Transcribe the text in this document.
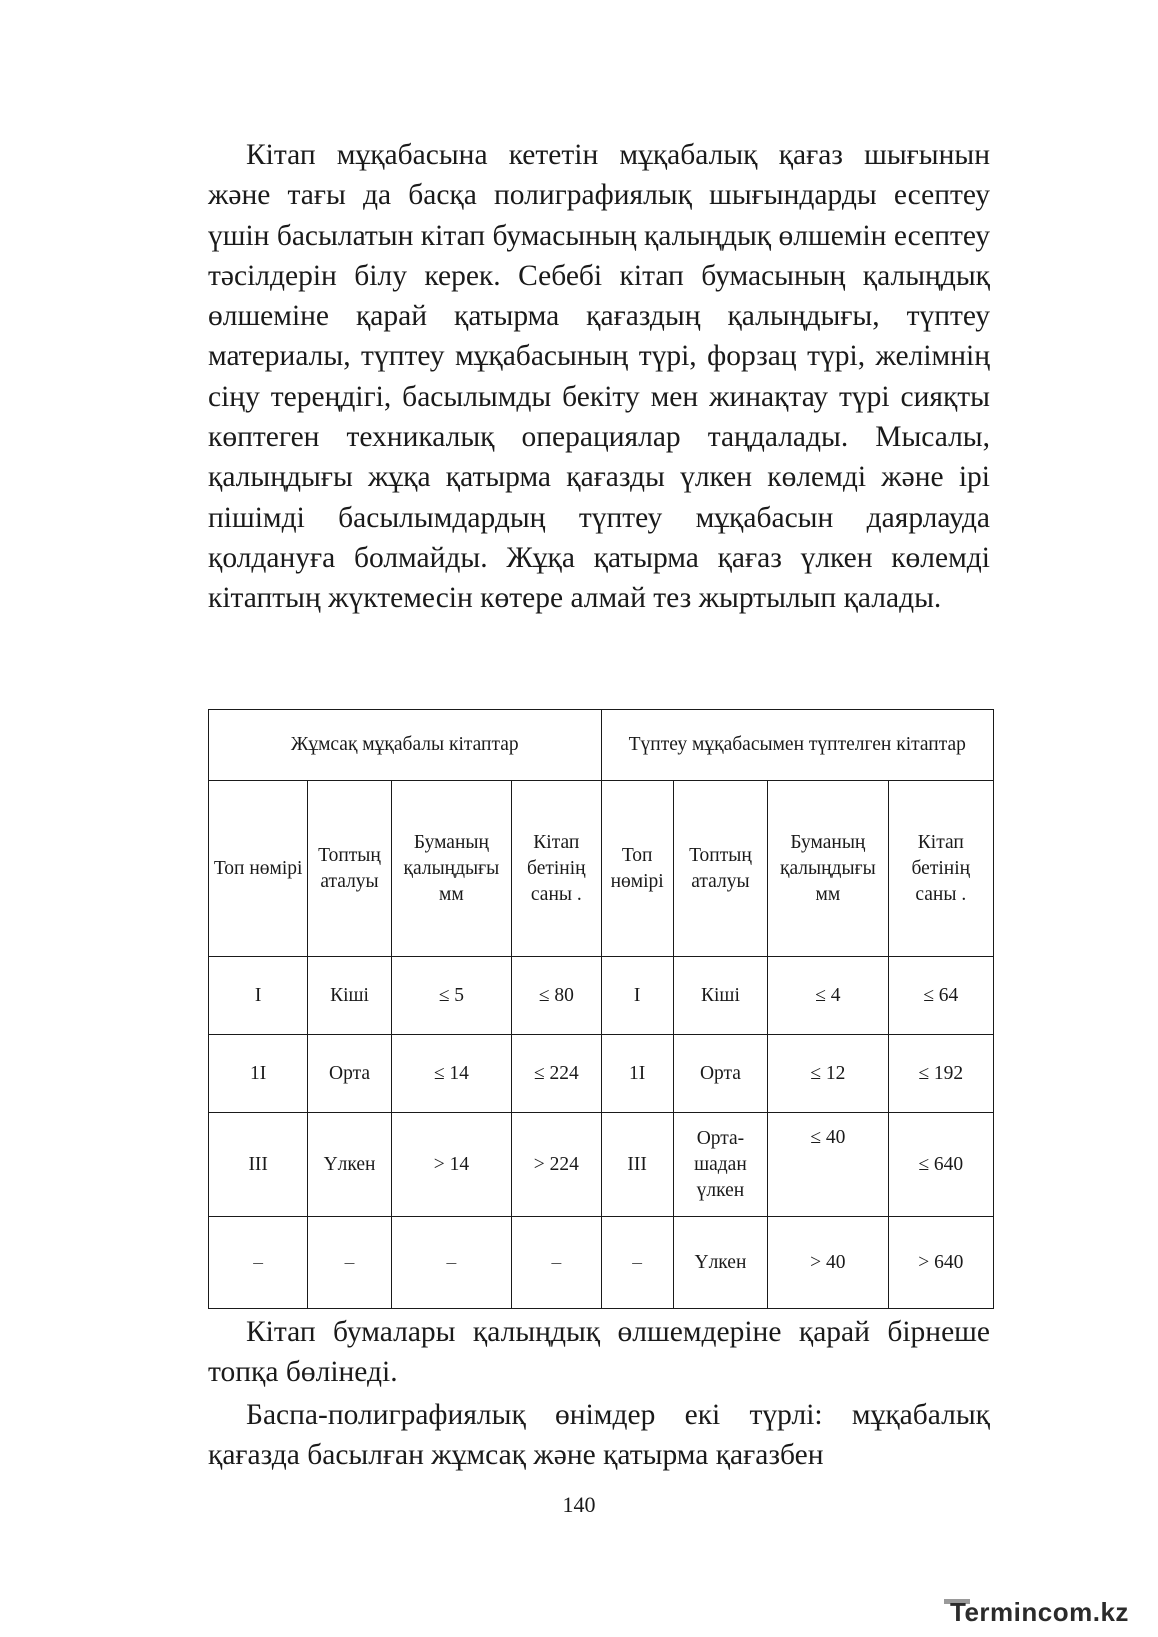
Кітап мұқабасына кететін мұқабалық қағаз шығынын және тағы да басқа полиграфиялық шығындарды есептеу үшін басылатын кітап бумасының қалыңдық өлшемін есептеу тәсілдерін білу керек. Себебі кітап бумасының қалыңдық өлшеміне қарай қатырма қағаздың қалыңдығы, түптеу материалы, түптеу мұқабасының түрі, форзац түрі, желімнің сіңу тереңдігі, басылымды бекіту мен жинақтау түрі сияқты көптеген техникалық операциялар таңдалады. Мысалы, қалыңдығы жұқа қатырма қағазды үлкен көлемді және ірі пішімді басылымдардың түптеу мұқабасын даярлауда қолдануға болмайды. Жұқа қатырма қағаз үлкен көлемді кітаптың жүктемесін көтере алмай тез жыртылып қалады.

Жұмсақ мұқабалы кітаптар				Түптеу мұқабасымен түптелген кітаптар			
Топ нөмірі	Топтың аталуы	Буманың қалыңдығы мм	Кітап бетінің саны .	Топ нөмірі	Топтың аталуы	Буманың қалыңдығы мм	Кітап бетінің саны .
I	Кіші	≤ 5	≤ 80	I	Кіші	≤ 4	≤ 64
1I	Орта	≤ 14	≤ 224	1I	Орта	≤ 12	≤ 192
III	Үлкен	> 14	> 224	III	Орта-шадан үлкен	≤ 40	≤ 640
–	–	–	–	–	Үлкен	> 40	> 640

Кітап бумалары қалыңдық өлшемдеріне қарай бірнеше топқа бөлінеді.

Баспа-полиграфиялық өнімдер екі түрлі: мұқабалық қағазда басылған жұмсақ және қатырма қағазбен

140
Termincom.kz
